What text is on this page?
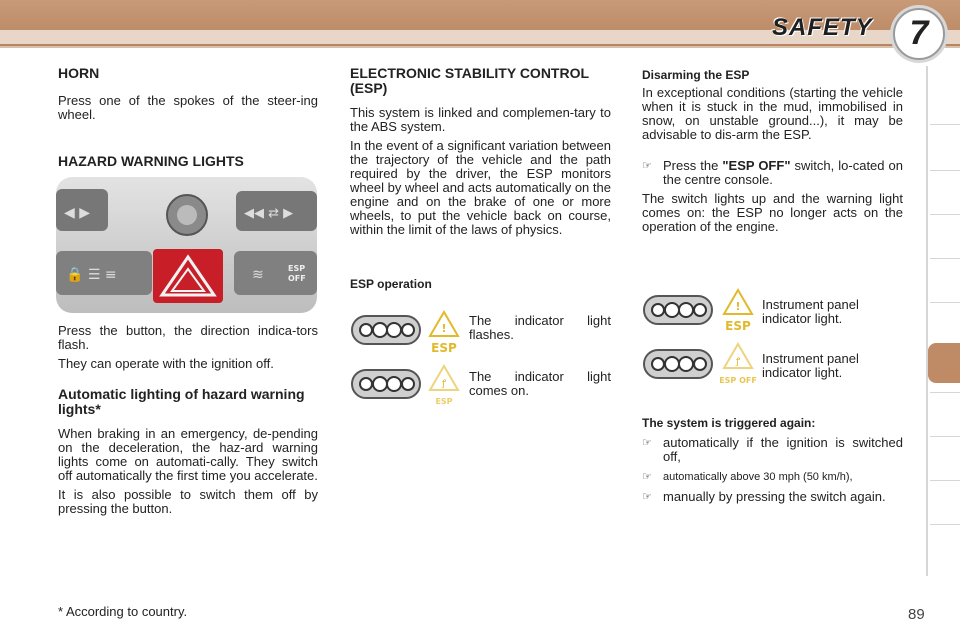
SAFETY	7
HORN

Press one of the spokes of the steer-ing wheel.

HAZARD WARNING LIGHTS
◀ ▶	◀◀ ⇄ ▶
🔒 ☰ ≡	≋	ESP
OFF

Press the button, the direction indica-tors flash.

They can operate with the ignition off.

Automatic lighting of hazard warning lights*

When braking in an emergency, de-pending on the deceleration, the haz-ard warning lights come on automati-cally. They switch off automatically the first time you accelerate.

It is also possible to switch them off by pressing the button.

ELECTRONIC STABILITY CONTROL (ESP)

This system is linked and complemen-tary to the ABS system.

In the event of a significant variation between the trajectory of the vehicle and the path required by the driver, the ESP monitors wheel by wheel and acts automatically on the engine and on the brake of one or more wheels, to put the vehicle back on course, within the limit of the laws of physics.

ESP operation
!
ESP
The indicator light flashes.
ꝭ
ESP
The indicator light comes on.
Disarming the ESP

In exceptional conditions (starting the vehicle when it is stuck in the mud, immobilised in snow, on unstable ground...), it may be advisable to dis-arm the ESP.

☞ Press the "ESP OFF" switch, lo-cated on the centre console.

The switch lights up and the warning light comes on: the ESP no longer acts on the operation of the engine.

!
ESP
Instrument panel indicator light.
ꝭ
ESP OFF
Instrument panel indicator light.
The system is triggered again:
☞ automatically if the ignition is switched off,
☞ automatically above 30 mph (50 km/h),
☞ manually by pressing the switch again.
* According to country.	89
